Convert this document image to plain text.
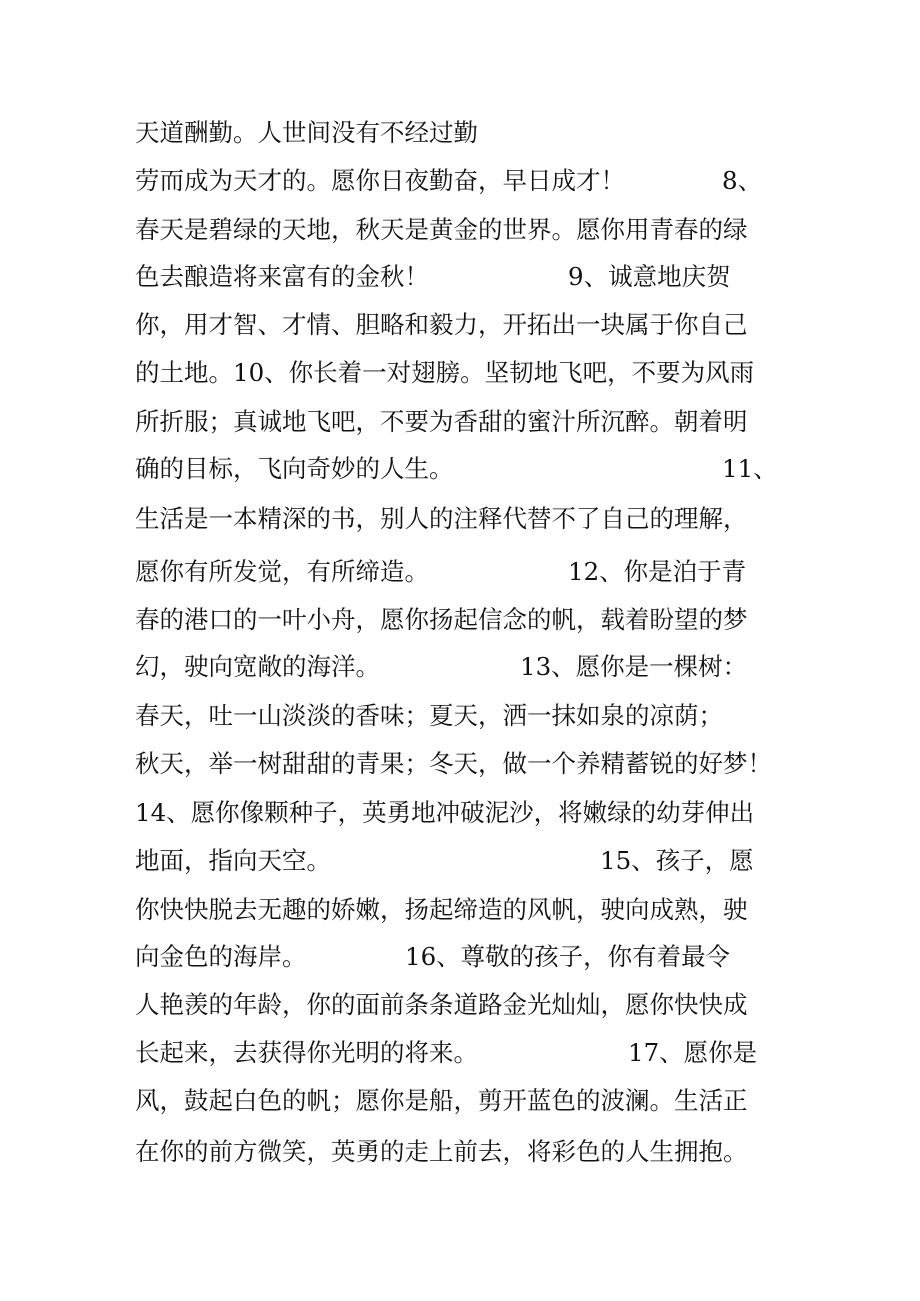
天道酬勤。人世间没有不经过勤
劳而成为天才的。愿你日夜勤奋，早日成才！	8、
春天是碧绿的天地，秋天是黄金的世界。愿你用青春的绿
色去酿造将来富有的金秋！	9、诚意地庆贺
你，用才智、才情、胆略和毅力，开拓出一块属于你自己
的土地。10、你长着一对翅膀。坚韧地飞吧，不要为风雨
所折服；真诚地飞吧，不要为香甜的蜜汁所沉醉。朝着明
确的目标，飞向奇妙的人生。	11、
生活是一本精深的书，别人的注释代替不了自己的理解，
愿你有所发觉，有所缔造。	12、你是泊于青
春的港口的一叶小舟，愿你扬起信念的帆，载着盼望的梦
幻，驶向宽敞的海洋。	13、愿你是一棵树：
春天，吐一山淡淡的香味；夏天，洒一抹如泉的凉荫；
秋天，举一树甜甜的青果；冬天，做一个养精蓄锐的好梦！
14、愿你像颗种子，英勇地冲破泥沙，将嫩绿的幼芽伸出
地面，指向天空。	15、孩子，愿
你快快脱去无趣的娇嫩，扬起缔造的风帆，驶向成熟，驶
向金色的海岸。	16、尊敬的孩子，你有着最令
人艳羡的年龄，你的面前条条道路金光灿灿，愿你快快成
长起来，去获得你光明的将来。	17、愿你是
风，鼓起白色的帆；愿你是船，剪开蓝色的波澜。生活正
在你的前方微笑，英勇的走上前去，将彩色的人生拥抱。
